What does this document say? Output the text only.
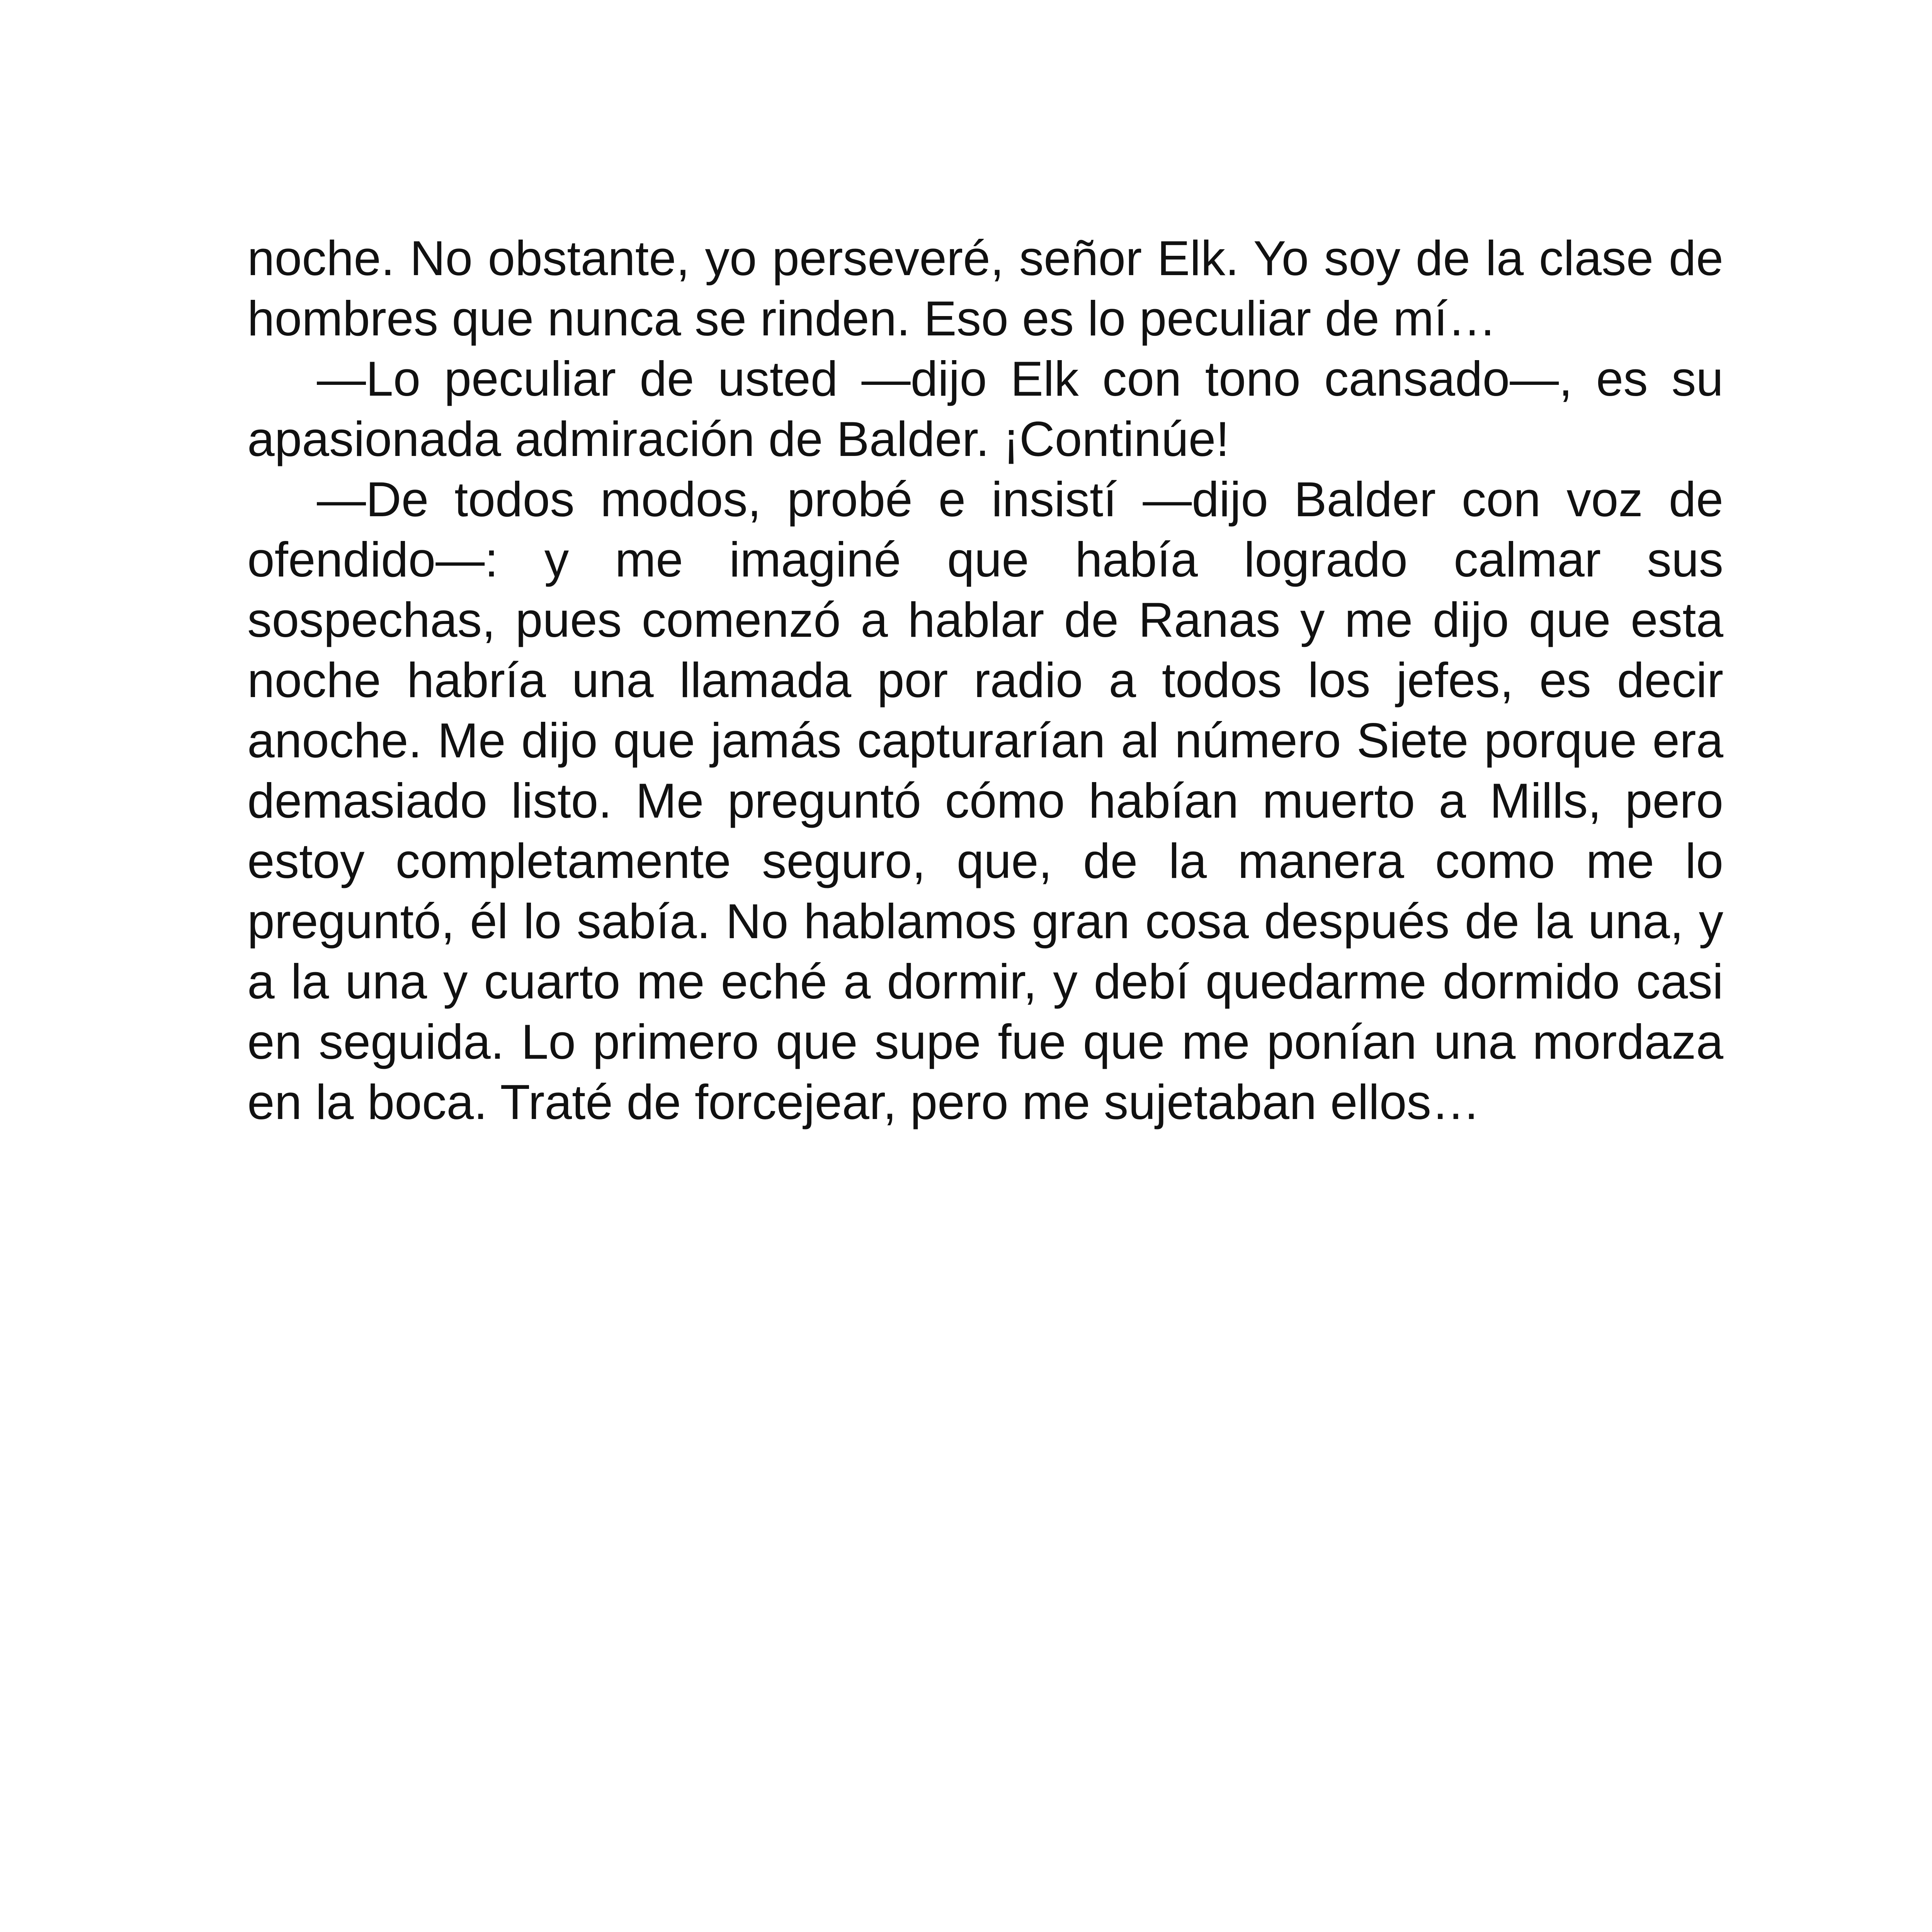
noche. No obstante, yo perseveré, señor Elk. Yo soy de la clase de hombres que nunca se rinden. Eso es lo peculiar de mí…

—Lo peculiar de usted —dijo Elk con tono cansado—, es su apasionada admiración de Balder. ¡Continúe!

—De todos modos, probé e insistí —dijo Balder con voz de ofendido—: y me imaginé que había logrado calmar sus sospechas, pues comenzó a hablar de Ranas y me dijo que esta noche habría una llamada por radio a todos los jefes, es decir anoche. Me dijo que jamás capturarían al número Siete porque era demasiado listo. Me preguntó cómo habían muerto a Mills, pero estoy completamente seguro, que, de la manera como me lo preguntó, él lo sabía. No hablamos gran cosa después de la una, y a la una y cuarto me eché a dormir, y debí quedarme dormido casi en seguida. Lo primero que supe fue que me ponían una mordaza en la boca. Traté de forcejear, pero me sujetaban ellos…
